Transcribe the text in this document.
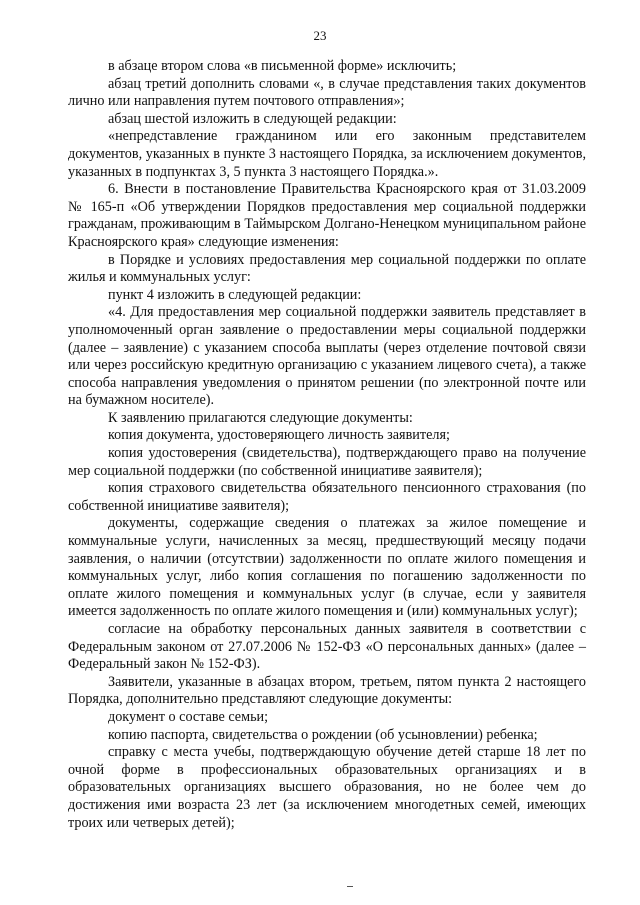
23

в абзаце втором слова «в письменной форме» исключить;

абзац третий дополнить словами «, в случае представления таких документов лично или направления путем почтового отправления»;

абзац шестой изложить в следующей редакции:

«непредставление гражданином или его законным представителем документов, указанных в пункте 3 настоящего Порядка, за исключением документов, указанных в подпунктах 3, 5 пункта 3 настоящего Порядка.».

6. Внести в постановление Правительства Красноярского края от 31.03.2009 № 165-п «Об утверждении Порядков предоставления мер социальной поддержки гражданам, проживающим в Таймырском Долгано-Ненецком муниципальном районе Красноярского края» следующие изменения:

в Порядке и условиях предоставления мер социальной поддержки по оплате жилья и коммунальных услуг:

пункт 4 изложить в следующей редакции:

«4. Для предоставления мер социальной поддержки заявитель представляет в уполномоченный орган заявление о предоставлении меры социальной поддержки (далее – заявление) с указанием способа выплаты (через отделение почтовой связи или через российскую кредитную организацию с указанием лицевого счета), а также способа направления уведомления о принятом решении (по электронной почте или на бумажном носителе).

К заявлению прилагаются следующие документы:

копия документа, удостоверяющего личность заявителя;

копия удостоверения (свидетельства), подтверждающего право на получение мер социальной поддержки (по собственной инициативе заявителя);

копия страхового свидетельства обязательного пенсионного страхования (по собственной инициативе заявителя);

документы, содержащие сведения о платежах за жилое помещение и коммунальные услуги, начисленных за месяц, предшествующий месяцу подачи заявления, о наличии (отсутствии) задолженности по оплате жилого помещения и коммунальных услуг, либо копия соглашения по погашению задолженности по оплате жилого помещения и коммунальных услуг (в случае, если у заявителя имеется задолженность по оплате жилого помещения и (или) коммунальных услуг);

согласие на обработку персональных данных заявителя в соответствии с Федеральным законом от 27.07.2006 № 152-ФЗ «О персональных данных» (далее – Федеральный закон № 152-ФЗ).

Заявители, указанные в абзацах втором, третьем, пятом пункта 2 настоящего Порядка, дополнительно представляют следующие документы:

документ о составе семьи;

копию паспорта, свидетельства о рождении (об усыновлении) ребенка;

справку с места учебы, подтверждающую обучение детей старше 18 лет по очной форме в профессиональных образовательных организациях и в образовательных организациях высшего образования, но не более чем до достижения ими возраста 23 лет (за исключением многодетных семей, имеющих троих или четверых детей);
